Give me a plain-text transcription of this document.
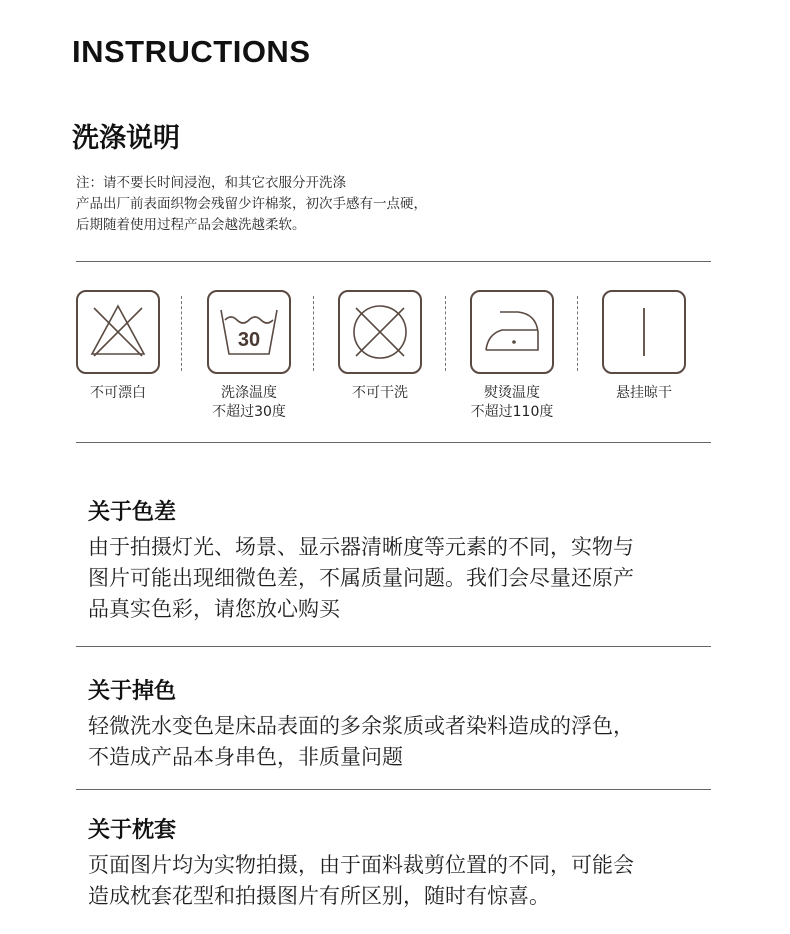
INSTRUCTIONS
洗涤说明
注：请不要长时间浸泡，和其它衣服分开洗涤
产品出厂前表面织物会残留少许棉浆，初次手感有一点硬，
后期随着使用过程产品会越洗越柔软。
不可漂白
30
洗涤温度
不超过30度
不可干洗	熨烫温度
不超过110度
悬挂晾干
关于色差
由于拍摄灯光、场景、显示器清晰度等元素的不同，实物与
图片可能出现细微色差，不属质量问题。我们会尽量还原产
品真实色彩，请您放心购买
关于掉色
轻微洗水变色是床品表面的多余浆质或者染料造成的浮色，
不造成产品本身串色，非质量问题
关于枕套
页面图片均为实物拍摄，由于面料裁剪位置的不同，可能会
造成枕套花型和拍摄图片有所区别，随时有惊喜。
